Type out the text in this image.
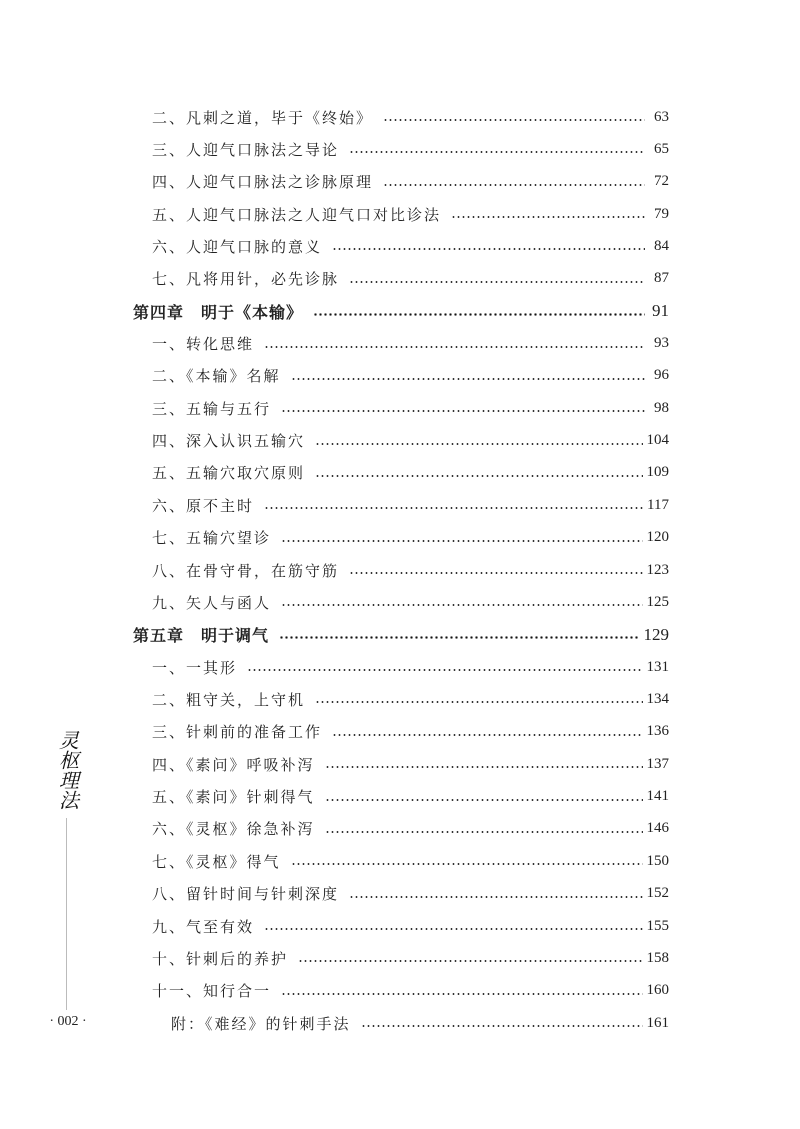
二、凡刺之道，毕于《终始》	63
三、人迎气口脉法之导论	65
四、人迎气口脉法之诊脉原理	72
五、人迎气口脉法之人迎气口对比诊法	79
六、人迎气口脉的意义	84
七、凡将用针，必先诊脉	87
第四章　明于《本输》	91
一、转化思维	93
二、《本输》名解	96
三、五输与五行	98
四、深入认识五输穴	104
五、五输穴取穴原则	109
六、原不主时	117
七、五输穴望诊	120
八、在骨守骨，在筋守筋	123
九、矢人与函人	125
第五章　明于调气	129
一、一其形	131
二、粗守关，上守机	134
三、针刺前的准备工作	136
四、《素问》呼吸补泻	137
五、《素问》针刺得气	141
六、《灵枢》徐急补泻	146
七、《灵枢》得气	150
八、留针时间与针刺深度	152
九、气至有效	155
十、针刺后的养护	158
十一、知行合一	160
附：《难经》的针刺手法	161
灵枢理法
· 002 ·
